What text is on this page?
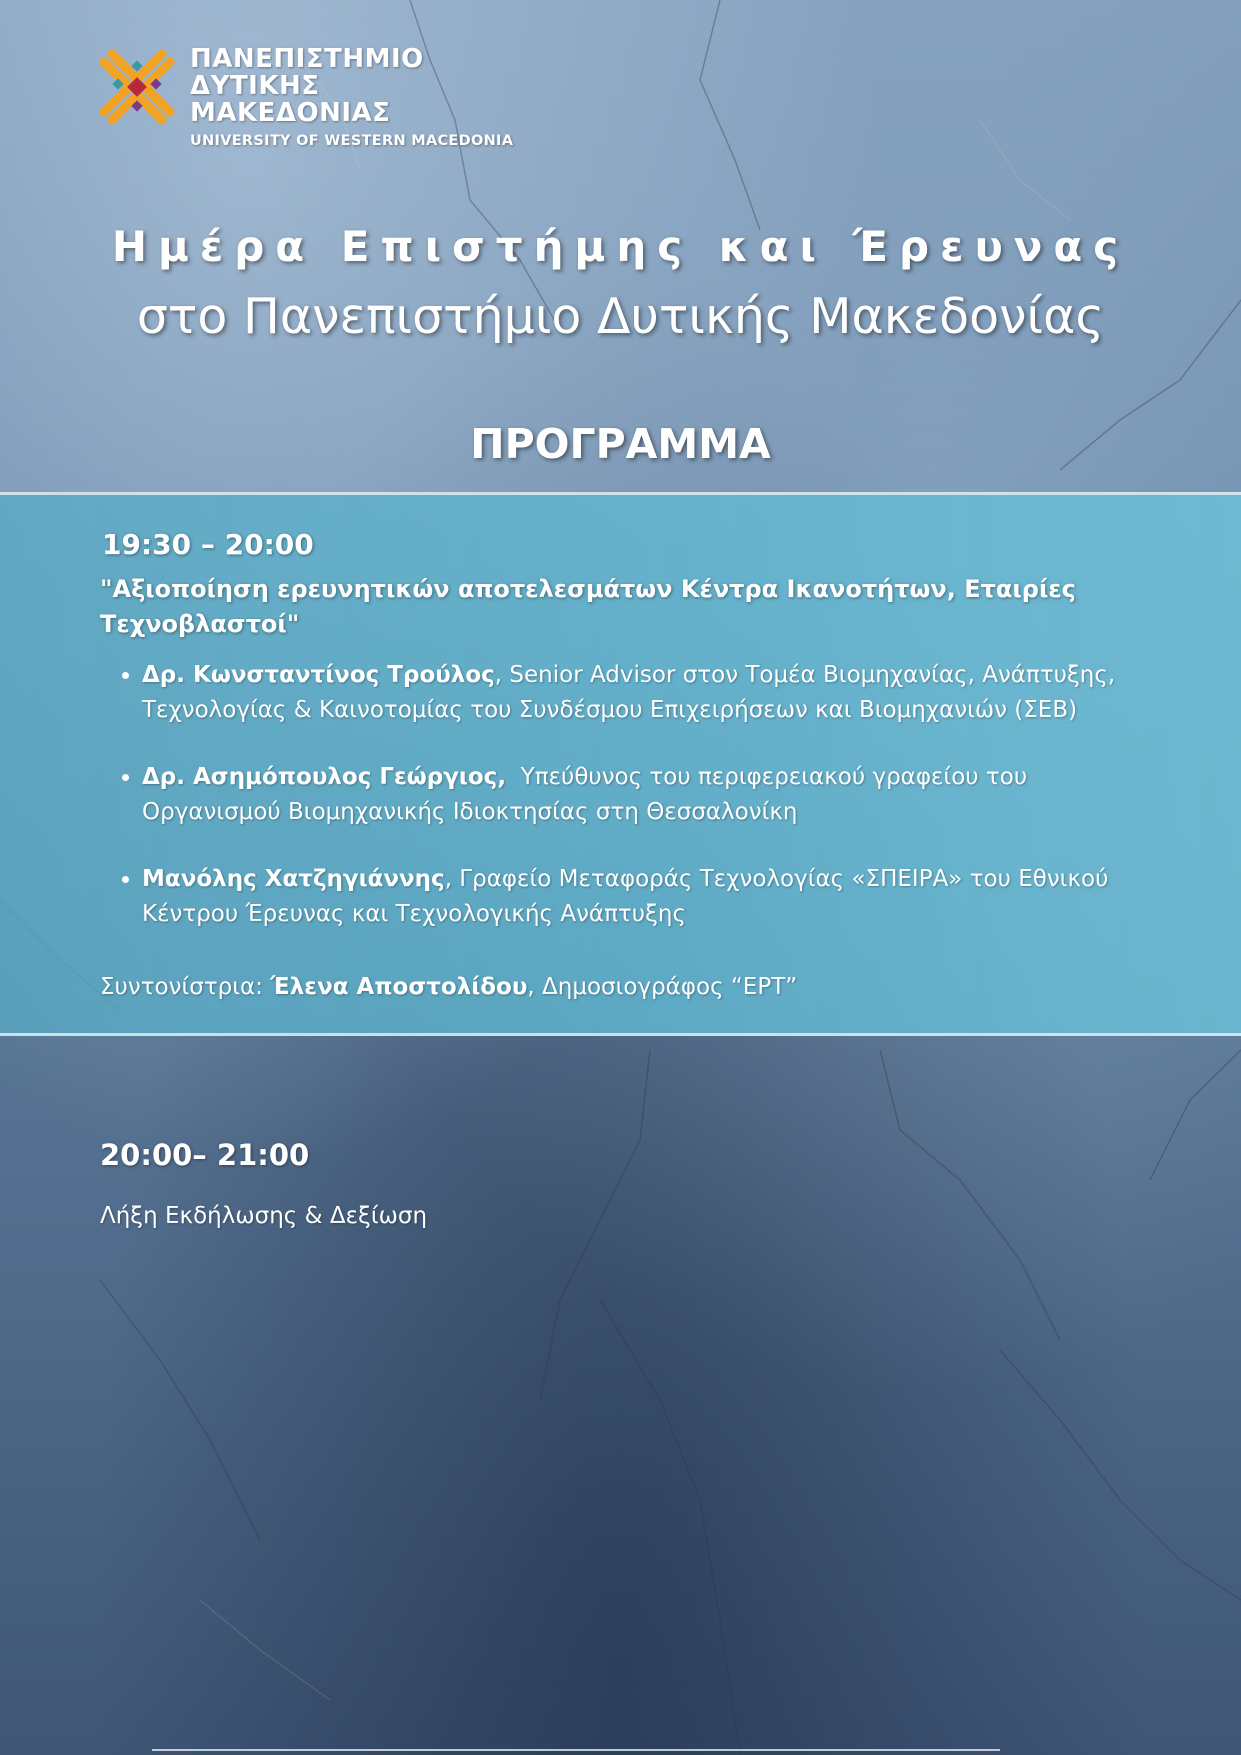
ΠΑΝΕΠΙΣΤΗΜΙΟ
ΔΥΤΙΚΗΣ ΜΑΚΕΔΟΝΙΑΣ
UNIVERSITY OF WESTERN MACEDONIA
Ημέρα Επιστήμης και Έρευνας
στο Πανεπιστήμιο Δυτικής Μακεδονίας
ΠΡΟΓΡΑΜΜΑ
19:30 – 20:00
"Αξιοποίηση ερευνητικών αποτελεσμάτων Κέντρα Ικανοτήτων, Εταιρίες Τεχνοβλαστοί"
• Δρ. Κωνσταντίνος Τρούλος, Senior Advisor στον Τομέα Βιομηχανίας, Ανάπτυξης, Τεχνολογίας & Καινοτομίας του Συνδέσμου Επιχειρήσεων και Βιομηχανιών (ΣΕΒ)
• Δρ. Ασημόπουλος Γεώργιος,  Υπεύθυνος του περιφερειακού γραφείου του Οργανισμού Βιομηχανικής Ιδιοκτησίας στη Θεσσαλονίκη
• Μανόλης Χατζηγιάννης, Γραφείο Μεταφοράς Τεχνολογίας «ΣΠΕΙΡΑ» του Εθνικού Κέντρου Έρευνας και Τεχνολογικής Ανάπτυξης
Συντονίστρια: Έλενα Αποστολίδου, Δημοσιογράφος “ΕΡΤ”
20:00– 21:00
Λήξη Εκδήλωσης & Δεξίωση
